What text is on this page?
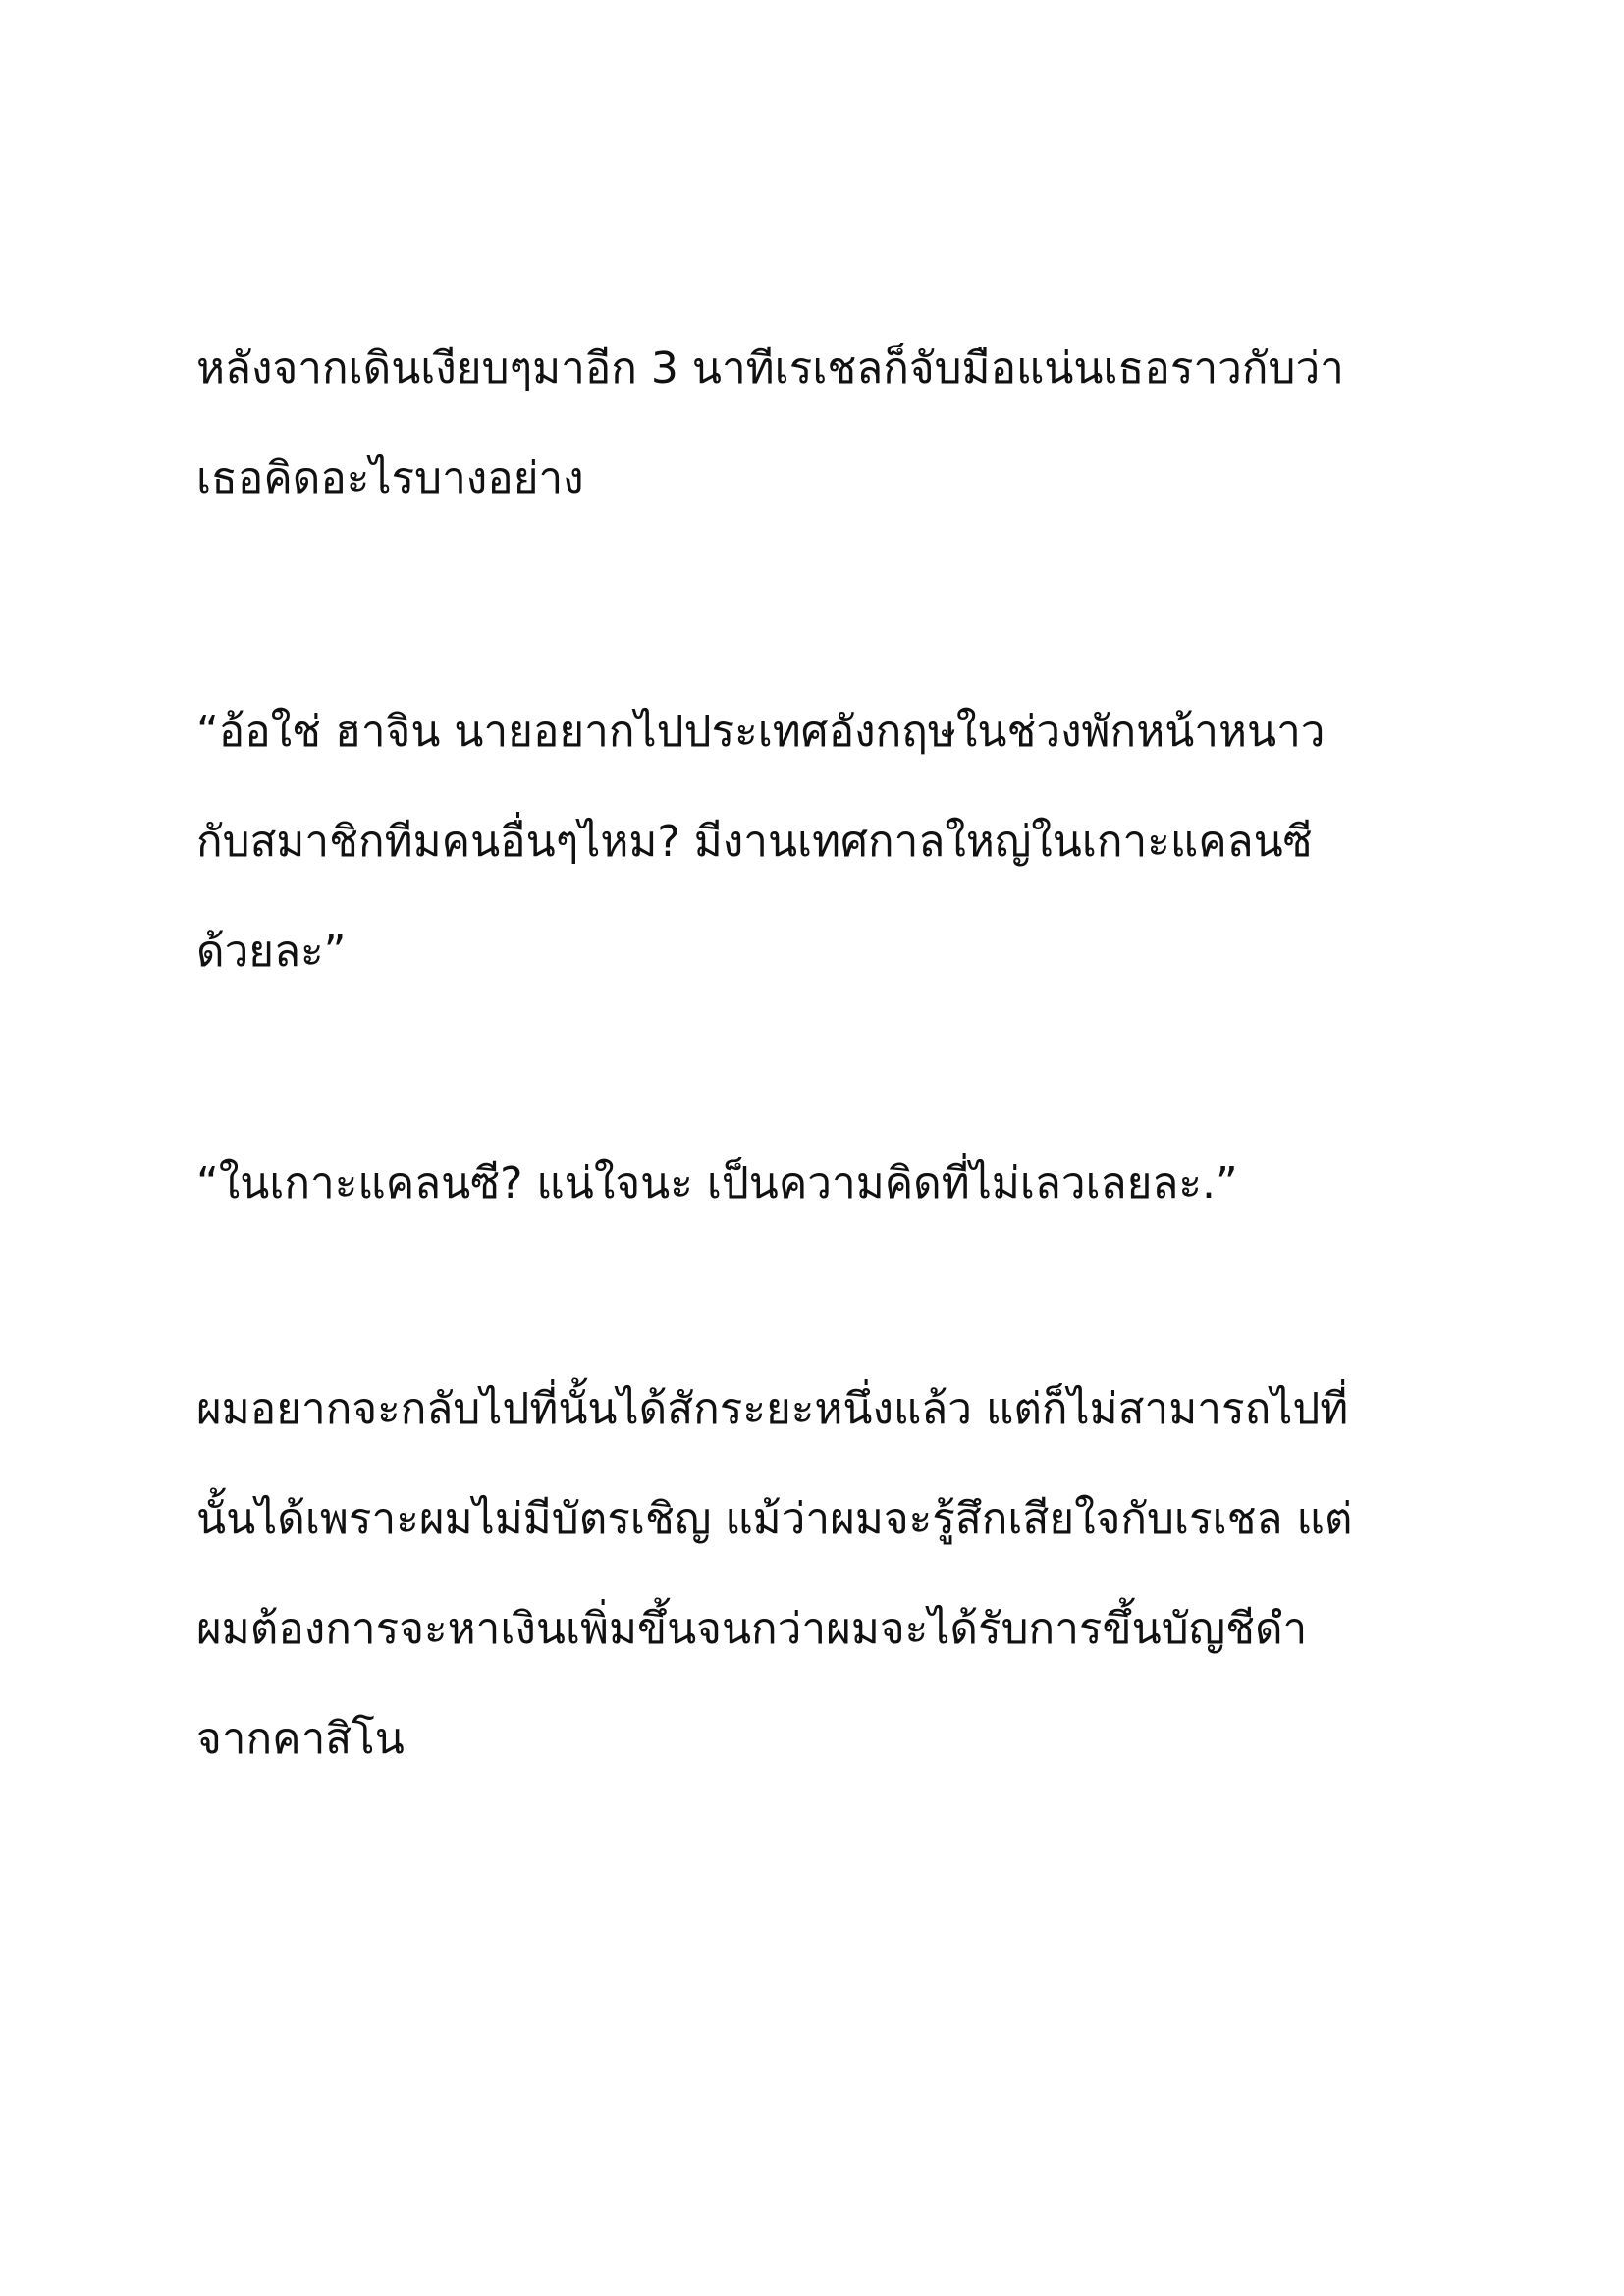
หลังจากเดินเงียบๆมาอีก 3 นาทีเรเชลก็จับมือแน่นเธอราวกับว่า
เธอคิดอะไรบางอย่าง

“อ้อใช่ ฮาจิน นายอยากไปประเทศอังกฤษในช่วงพักหน้าหนาว
กับสมาชิกทีมคนอื่นๆไหม? มีงานเทศกาลใหญ่ในเกาะแคลนซี
ด้วยละ”

“ในเกาะแคลนซี? แน่ใจนะ เป็นความคิดที่ไม่เลวเลยละ.”

ผมอยากจะกลับไปที่นั้นได้สักระยะหนึ่งแล้ว แต่ก็ไม่สามารถไปที่
นั้นได้เพราะผมไม่มีบัตรเชิญ แม้ว่าผมจะรู้สึกเสียใจกับเรเชล แต่
ผมต้องการจะหาเงินเพิ่มขึ้นจนกว่าผมจะได้รับการขึ้นบัญชีดำ
จากคาสิโน
